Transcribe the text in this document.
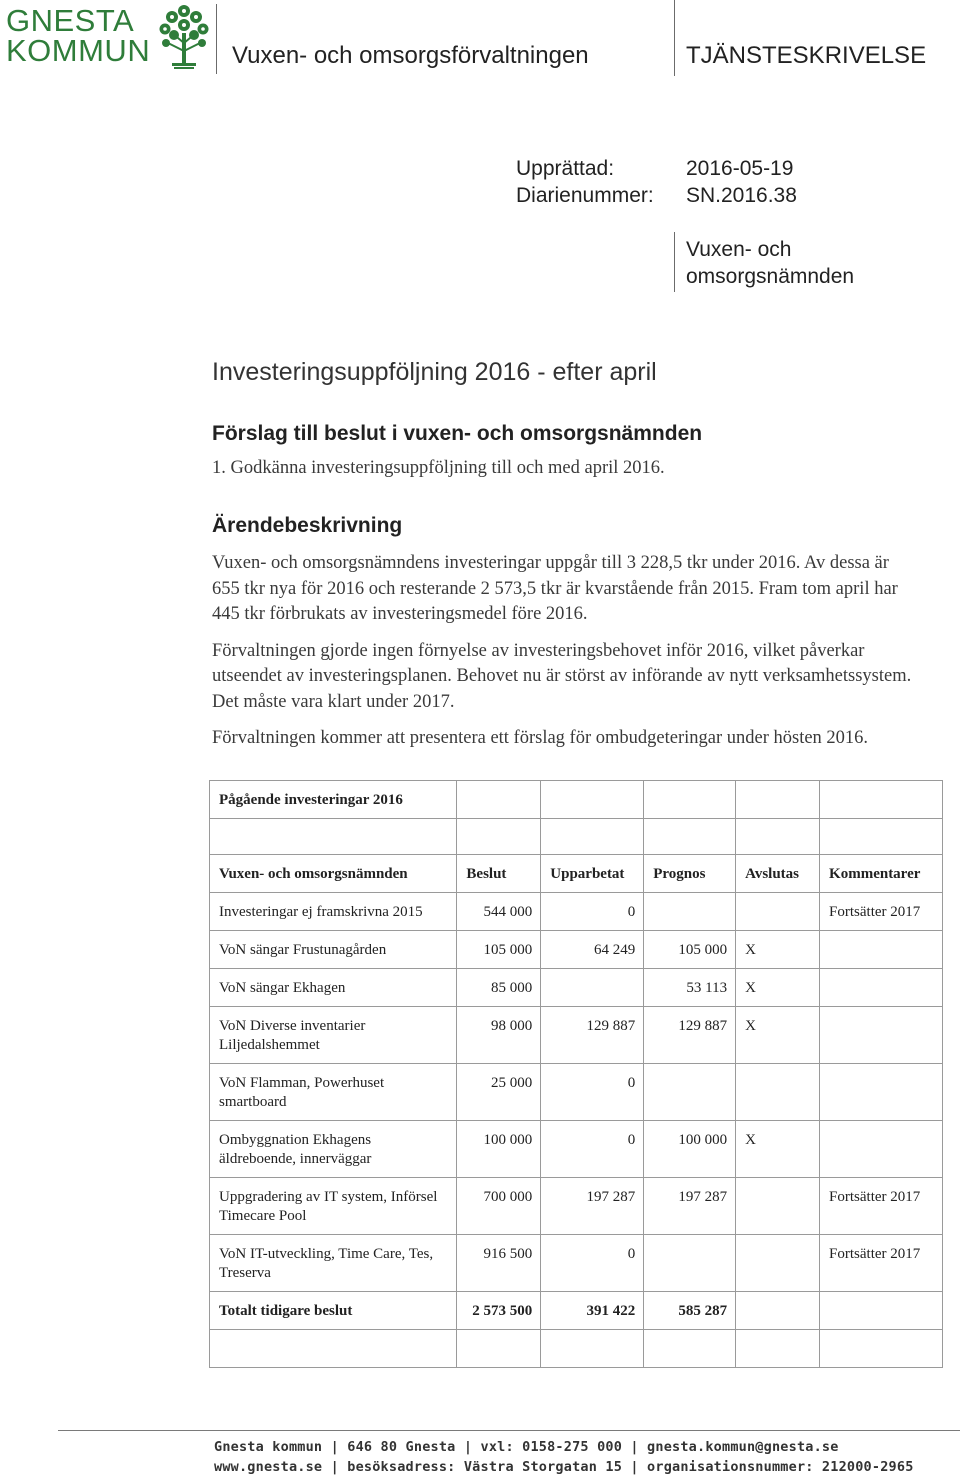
GNESTA
KOMMUN	Vuxen- och omsorgsförvaltningen	TJÄNSTESKRIVELSE
Upprättad:	2016-05-19
Diarienummer: SN.2016.38
Vuxen- och
omsorgsnämnden
Investeringsuppföljning 2016 - efter april
Förslag till beslut i vuxen- och omsorgsnämnden
1. Godkänna investeringsuppföljning till och med april 2016.
Ärendebeskrivning

Vuxen- och omsorgsnämndens investeringar uppgår till 3 228,5 tkr under 2016. Av dessa är 655 tkr nya för 2016 och resterande 2 573,5 tkr är kvarstående från 2015. Fram tom april har 445 tkr förbrukats av investeringsmedel före 2016.

Förvaltningen gjorde ingen förnyelse av investeringsbehovet inför 2016, vilket påverkar utseendet av investeringsplanen. Behovet nu är störst av införande av nytt verksamhetssystem. Det måste vara klart under 2017.

Förvaltningen kommer att presentera ett förslag för ombudgeteringar under hösten 2016.

Pågående investeringar 2016					

Vuxen- och omsorgsnämnden	Beslut	Upparbetat	Prognos	Avslutas	Kommentarer
Investeringar ej framskrivna 2015	544 000	0			Fortsätter 2017
VoN sängar Frustunagården	105 000	64 249	105 000	X	
VoN sängar Ekhagen	85 000		53 113	X	
VoN Diverse inventarier Liljedalshemmet	98 000	129 887	129 887	X	
VoN Flamman, Powerhuset smartboard	25 000	0			
Ombyggnation Ekhagens äldreboende, innerväggar	100 000	0	100 000	X	
Uppgradering av IT system, Införsel Timecare Pool	700 000	197 287	197 287		Fortsätter 2017
VoN IT-utveckling, Time Care, Tes, Treserva	916 500	0			Fortsätter 2017
Totalt tidigare beslut	2 573 500	391 422	585 287		

Gnesta kommun | 646 80 Gnesta | vxl: 0158-275 000 | gnesta.kommun@gnesta.se
www.gnesta.se | besöksadress: Västra Storgatan 15 | organisationsnummer: 212000-2965
